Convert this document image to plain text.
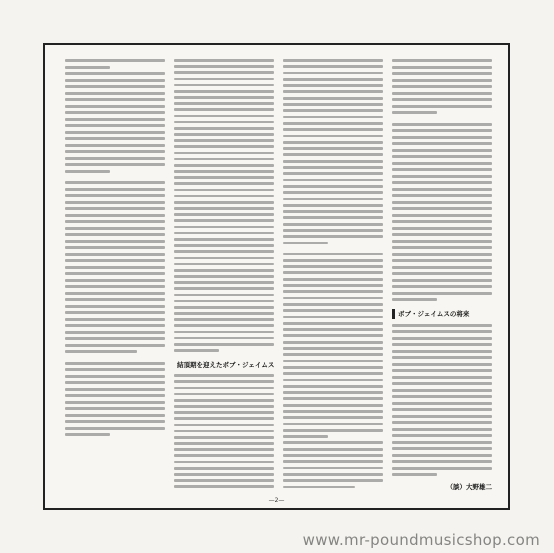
結頂期を迎えたボブ・ジェイムス
ボブ・ジェイムスの将来
（談）大野雄二
—2—
www.mr-poundmusicshop.com
